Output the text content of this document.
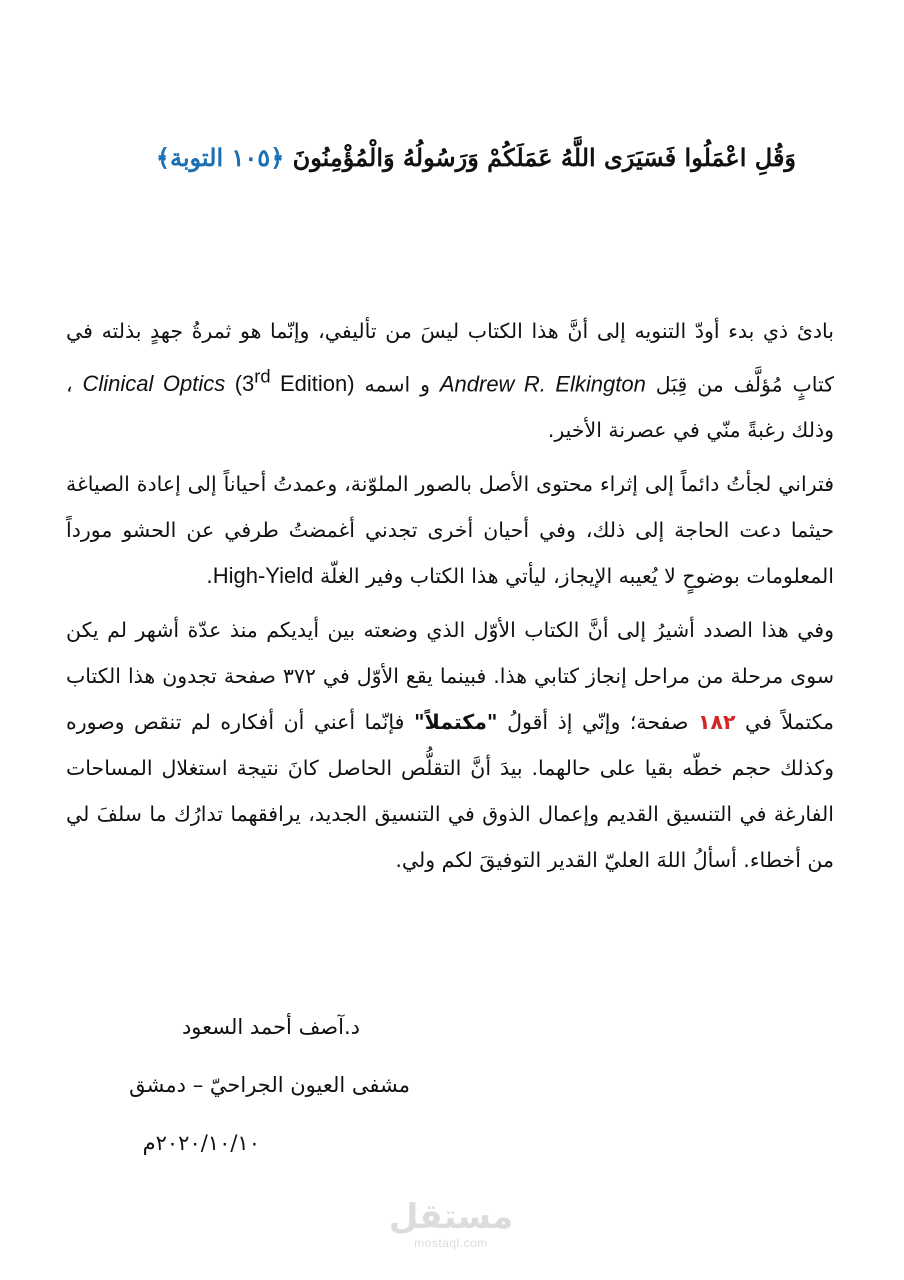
وَقُلِ اعْمَلُوا فَسَيَرَى اللَّهُ عَمَلَكُمْ وَرَسُولُهُ وَالْمُؤْمِنُونَ ﴿١٠٥ التوبة﴾

بادئ ذي بدء أودّ التنويه إلى أنَّ هذا الكتاب ليسَ من تأليفي، وإنّما هو ثمرةُ جهدٍ بذلته في كتابٍ مُؤلَّف من قِبَل Andrew R. Elkington و اسمه Clinical Optics (3rd Edition) ، وذلك رغبةً منّي في عصرنة الأخير.

فتراني لجأتُ دائماً إلى إثراء محتوى الأصل بالصور الملوّنة، وعمدتُ أحياناً إلى إعادة الصياغة حيثما دعت الحاجة إلى ذلك، وفي أحيان أخرى تجدني أغمضتُ طرفي عن الحشو مورداً المعلومات بوضوحٍ لا يُعيبه الإيجاز، ليأتي هذا الكتاب وفير الغلّة High-Yield.

وفي هذا الصدد أشيرُ إلى أنَّ الكتاب الأوّل الذي وضعته بين أيديكم منذ عدّة أشهر لم يكن سوى مرحلة من مراحل إنجاز كتابي هذا. فبينما يقع الأوّل في ٣٧٢ صفحة تجدون هذا الكتاب مكتملاً في ١٨٢ صفحة؛ وإنّي إذ أقولُ "مكتملاً" فإنّما أعني أن أفكاره لم تنقص وصوره وكذلك حجم خطّه بقيا على حالهما. بيدَ أنَّ التقلُّص الحاصل كانَ نتيجة استغلال المساحات الفارغة في التنسيق القديم وإعمال الذوق في التنسيق الجديد، يرافقهما تدارُك ما سلفَ لي من أخطاء. أسألُ اللهَ العليّ القدير التوفيقَ لكم ولي.

د.آصف أحمد السعود
مشفى العيون الجراحيّ – دمشق
٢٠٢٠/١٠/١٠م
مستقل
mostaql.com
